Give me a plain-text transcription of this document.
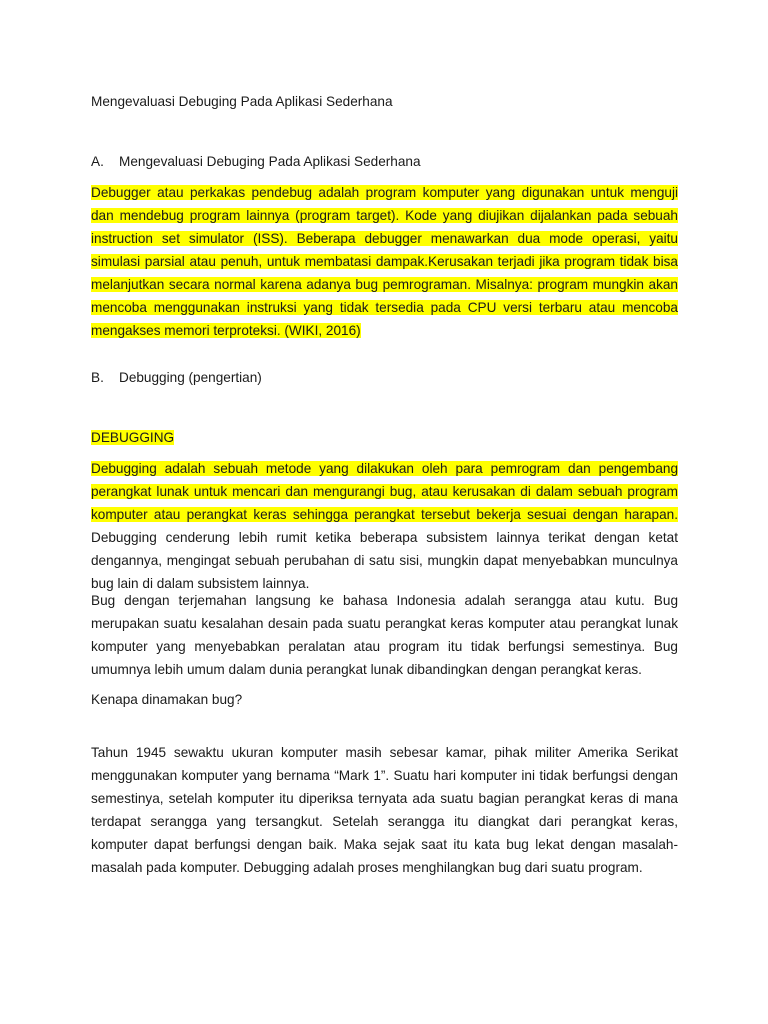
Mengevaluasi Debuging Pada Aplikasi Sederhana

A. Mengevaluasi Debuging Pada Aplikasi Sederhana

Debugger atau perkakas pendebug adalah program komputer yang digunakan untuk menguji dan mendebug program lainnya (program target). Kode yang diujikan dijalankan pada sebuah instruction set simulator (ISS). Beberapa debugger menawarkan dua mode operasi, yaitu simulasi parsial atau penuh, untuk membatasi dampak.Kerusakan terjadi jika program tidak bisa melanjutkan secara normal karena adanya bug pemrograman. Misalnya: program mungkin akan mencoba menggunakan instruksi yang tidak tersedia pada CPU versi terbaru atau mencoba mengakses memori terproteksi. (WIKI, 2016)

B. Debugging (pengertian)

DEBUGGING

Debugging adalah sebuah metode yang dilakukan oleh para pemrogram dan pengembang perangkat lunak untuk mencari dan mengurangi bug, atau kerusakan di dalam sebuah program komputer atau perangkat keras sehingga perangkat tersebut bekerja sesuai dengan harapan. Debugging cenderung lebih rumit ketika beberapa subsistem lainnya terikat dengan ketat dengannya, mengingat sebuah perubahan di satu sisi, mungkin dapat menyebabkan munculnya bug lain di dalam subsistem lainnya.

Bug dengan terjemahan langsung ke bahasa Indonesia adalah serangga atau kutu. Bug merupakan suatu kesalahan desain pada suatu perangkat keras komputer atau perangkat lunak komputer yang menyebabkan peralatan atau program itu tidak berfungsi semestinya. Bug umumnya lebih umum dalam dunia perangkat lunak dibandingkan dengan perangkat keras.

Kenapa dinamakan bug?

Tahun 1945 sewaktu ukuran komputer masih sebesar kamar, pihak militer Amerika Serikat menggunakan komputer yang bernama “Mark 1”. Suatu hari komputer ini tidak berfungsi dengan semestinya, setelah komputer itu diperiksa ternyata ada suatu bagian perangkat keras di mana terdapat serangga yang tersangkut. Setelah serangga itu diangkat dari perangkat keras, komputer dapat berfungsi dengan baik. Maka sejak saat itu kata bug lekat dengan masalah-masalah pada komputer. Debugging adalah proses menghilangkan bug dari suatu program.
